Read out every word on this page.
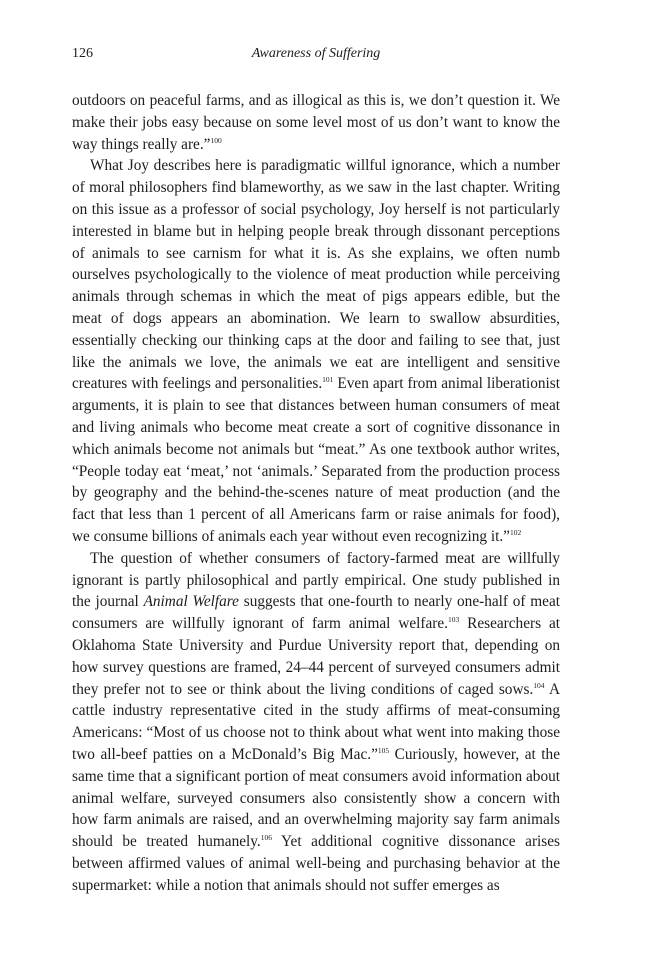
126	Awareness of Suffering

outdoors on peaceful farms, and as illogical as this is, we don’t question it. We make their jobs easy because on some level most of us don’t want to know the way things really are.”$^{100}$

What Joy describes here is paradigmatic willful ignorance, which a number of moral philosophers find blameworthy, as we saw in the last chapter. Writing on this issue as a professor of social psychology, Joy herself is not particularly interested in blame but in helping people break through dissonant perceptions of animals to see carnism for what it is. As she explains, we often numb ourselves psychologically to the violence of meat production while perceiving animals through schemas in which the meat of pigs appears edible, but the meat of dogs appears an abomination. We learn to swallow absurdities, essentially checking our thinking caps at the door and failing to see that, just like the animals we love, the animals we eat are intelligent and sensitive creatures with feelings and personalities.$^{101}$ Even apart from animal liberationist arguments, it is plain to see that distances between human consumers of meat and living animals who become meat create a sort of cognitive dissonance in which animals become not animals but “meat.” As one textbook author writes, “People today eat ‘meat,’ not ‘animals.’ Separated from the production process by geography and the behind-the-scenes nature of meat production (and the fact that less than 1 percent of all Americans farm or raise animals for food), we consume billions of animals each year without even recognizing it.”$^{102}$

The question of whether consumers of factory-farmed meat are willfully ignorant is partly philosophical and partly empirical. One study published in the journal Animal Welfare suggests that one-fourth to nearly one-half of meat consumers are willfully ignorant of farm animal welfare.$^{103}$ Researchers at Oklahoma State University and Purdue University report that, depending on how survey questions are framed, 24–44 percent of surveyed consumers admit they prefer not to see or think about the living conditions of caged sows.$^{104}$ A cattle industry representative cited in the study affirms of meat-consuming Americans: “Most of us choose not to think about what went into making those two all-beef patties on a McDonald’s Big Mac.”$^{105}$ Curiously, however, at the same time that a significant portion of meat consumers avoid information about animal welfare, surveyed consumers also consistently show a concern with how farm animals are raised, and an overwhelming majority say farm animals should be treated humanely.$^{106}$ Yet additional cognitive dissonance arises between affirmed values of animal well-being and purchasing behavior at the supermarket: while a notion that animals should not suffer emerges as
